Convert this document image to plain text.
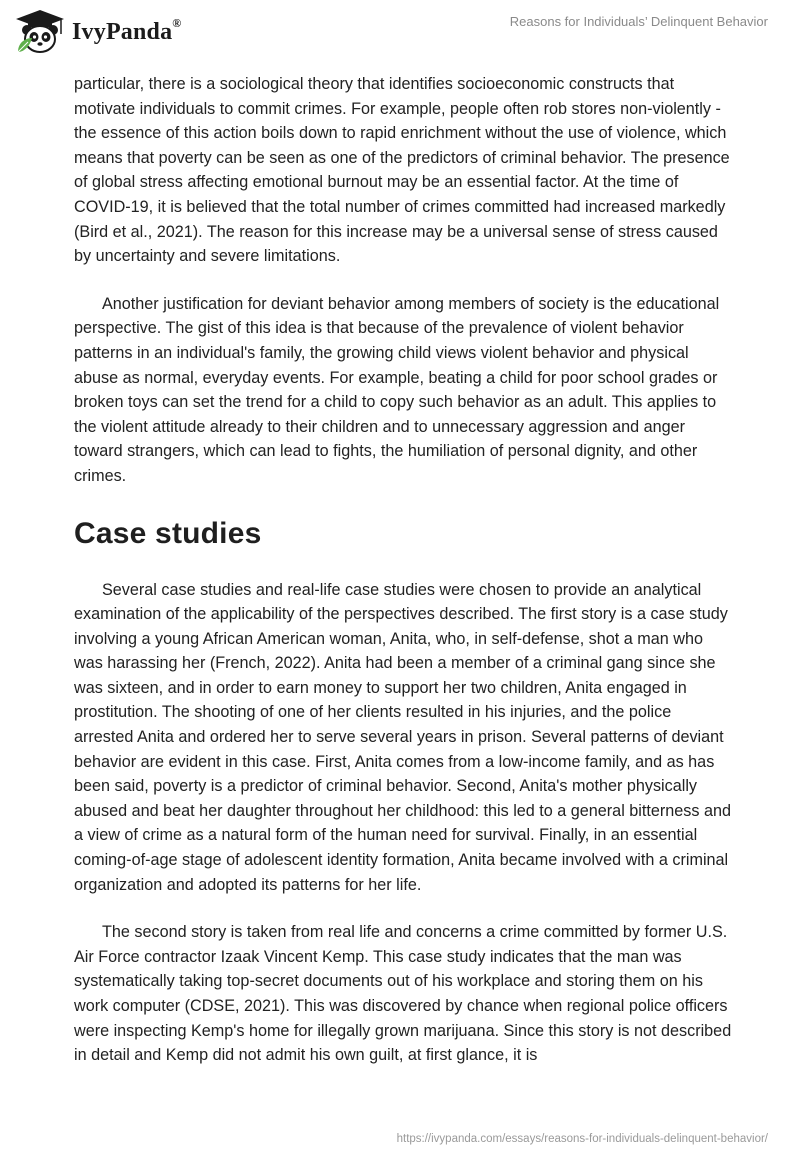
IvyPanda®	Reasons for Individuals’ Delinquent Behavior

particular, there is a sociological theory that identifies socioeconomic constructs that motivate individuals to commit crimes. For example, people often rob stores non-violently - the essence of this action boils down to rapid enrichment without the use of violence, which means that poverty can be seen as one of the predictors of criminal behavior. The presence of global stress affecting emotional burnout may be an essential factor. At the time of COVID-19, it is believed that the total number of crimes committed had increased markedly (Bird et al., 2021). The reason for this increase may be a universal sense of stress caused by uncertainty and severe limitations.

Another justification for deviant behavior among members of society is the educational perspective. The gist of this idea is that because of the prevalence of violent behavior patterns in an individual's family, the growing child views violent behavior and physical abuse as normal, everyday events. For example, beating a child for poor school grades or broken toys can set the trend for a child to copy such behavior as an adult. This applies to the violent attitude already to their children and to unnecessary aggression and anger toward strangers, which can lead to fights, the humiliation of personal dignity, and other crimes.

Case studies

Several case studies and real-life case studies were chosen to provide an analytical examination of the applicability of the perspectives described. The first story is a case study involving a young African American woman, Anita, who, in self-defense, shot a man who was harassing her (French, 2022). Anita had been a member of a criminal gang since she was sixteen, and in order to earn money to support her two children, Anita engaged in prostitution. The shooting of one of her clients resulted in his injuries, and the police arrested Anita and ordered her to serve several years in prison. Several patterns of deviant behavior are evident in this case. First, Anita comes from a low-income family, and as has been said, poverty is a predictor of criminal behavior. Second, Anita's mother physically abused and beat her daughter throughout her childhood: this led to a general bitterness and a view of crime as a natural form of the human need for survival. Finally, in an essential coming-of-age stage of adolescent identity formation, Anita became involved with a criminal organization and adopted its patterns for her life.

The second story is taken from real life and concerns a crime committed by former U.S. Air Force contractor Izaak Vincent Kemp. This case study indicates that the man was systematically taking top-secret documents out of his workplace and storing them on his work computer (CDSE, 2021). This was discovered by chance when regional police officers were inspecting Kemp's home for illegally grown marijuana. Since this story is not described in detail and Kemp did not admit his own guilt, at first glance, it is

https://ivypanda.com/essays/reasons-for-individuals-delinquent-behavior/
